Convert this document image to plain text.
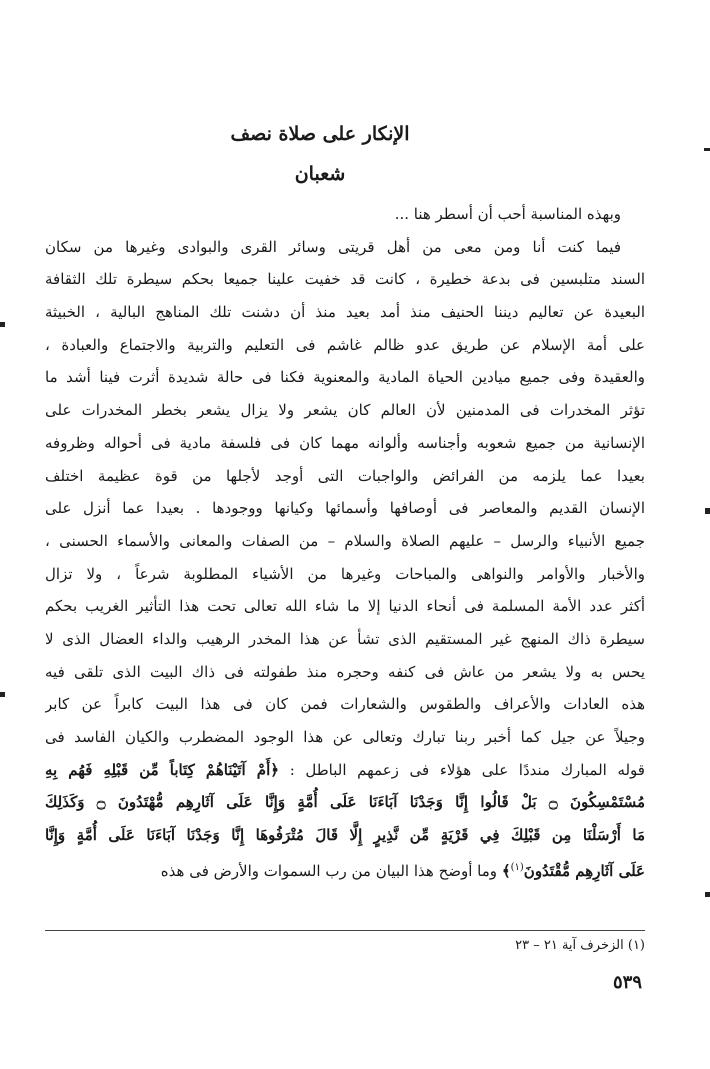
الإنكار على صلاة نصف
شعبان
وبهذه المناسبة أحب أن أسطر هنا ...
فيما كنت أنا ومن معى من أهل قريتى وسائر القرى والبوادى وغيرها من سكان
السند متلبسين فى بدعة خطيرة ، كانت قد خفيت علينا جميعا بحكم سيطرة تلك الثقافة
البعيدة عن تعاليم ديننا الحنيف منذ أمد بعيد منذ أن دشنت تلك المناهج البالية ، الخبيثة
على أمة الإسلام عن طريق عدو ظالم غاشم فى التعليم والتربية والاجتماع والعبادة ،
والعقيدة وفى جميع ميادين الحياة المادية والمعنوية فكنا فى حالة شديدة أثرت فينا أشد ما
تؤثر المخدرات فى المدمنين لأن العالم كان يشعر ولا يزال يشعر بخطر المخدرات على
الإنسانية من جميع شعوبه وأجناسه وألوانه مهما كان فى فلسفة مادية فى أحواله وظروفه
بعيدا عما يلزمه من الفرائض والواجبات التى أوجد لأجلها من قوة عظيمة اختلف
الإنسان القديم والمعاصر فى أوصافها وأسمائها وكيانها ووجودها . بعيدا عما أنزل على
جميع الأنبياء والرسل – عليهم الصلاة والسلام – من الصفات والمعانى والأسماء الحسنى ،
والأخبار والأوامر والنواهى والمباحات وغيرها من الأشياء المطلوبة شرعاً ، ولا تزال
أكثر عدد الأمة المسلمة فى أنحاء الدنيا إلا ما شاء الله تعالى تحت هذا التأثير الغريب بحكم
سيطرة ذاك المنهج غير المستقيم الذى تشأ عن هذا المخدر الرهيب والداء العضال الذى لا
يحس به ولا يشعر من عاش فى كنفه وحجره منذ طفولته فى ذاك البيت الذى تلقى فيه
هذه العادات والأعراف والطقوس والشعارات فمن كان فى هذا البيت كابراً عن كابر
وجيلاً عن جيل كما أخبر ربنا تبارك وتعالى عن هذا الوجود المضطرب والكيان الفاسد فى
قوله المبارك منددًا على هؤلاء فى زعمهم الباطل : ﴿أَمْ آتَيْنَاهُمْ كِتَاباً مِّن قَبْلِهِ فَهُم بِهِ
مُسْتَمْسِكُونَ ۝ بَلْ قَالُوا إِنَّا وَجَدْنَا آبَاءَنَا عَلَى أُمَّةٍ وَإِنَّا عَلَى آثَارِهِم مُّهْتَدُونَ ۝ وَكَذَلِكَ
مَا أَرْسَلْنَا مِن قَبْلِكَ فِي قَرْيَةٍ مِّن نَّذِيرٍ إِلَّا قَالَ مُتْرَفُوهَا إِنَّا وَجَدْنَا آبَاءَنَا عَلَى أُمَّةٍ وَإِنَّا
عَلَى آثَارِهِم مُّقْتَدُونَ$^{(١)}$﴾ وما أوضح هذا البيان من رب السموات والأرض فى هذه
(١) الزخرف آية ٢١ – ٢٣
٥٣٩
